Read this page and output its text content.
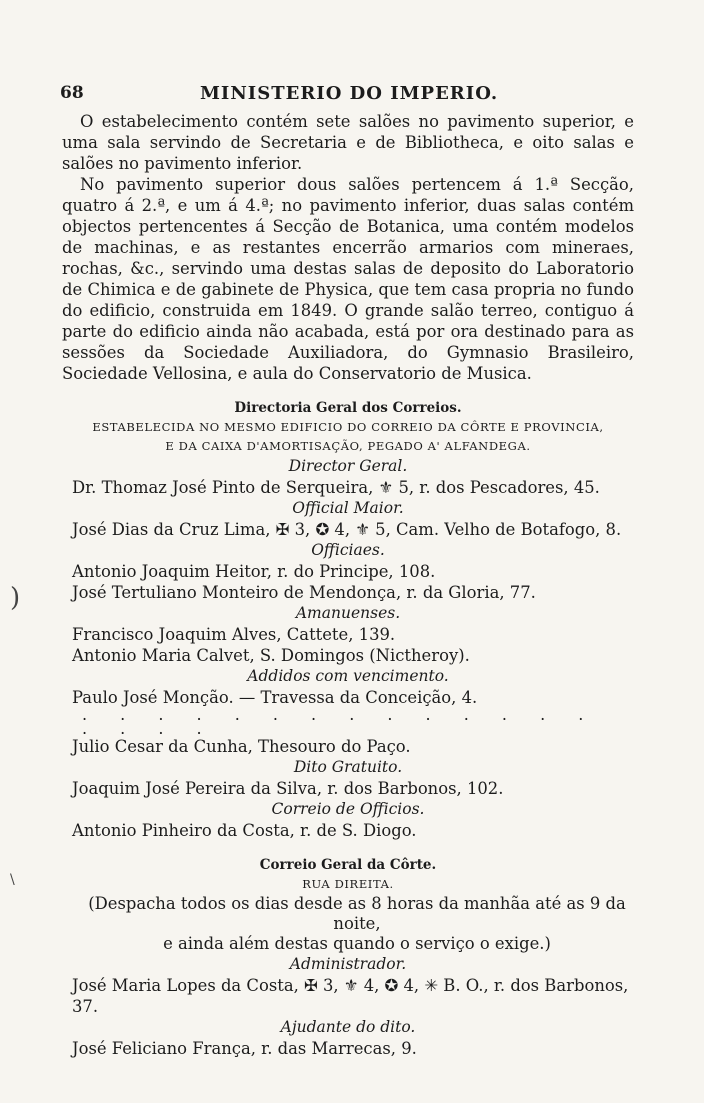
68	MINISTERIO DO IMPERIO.

O estabelecimento contém sete salões no pavimento superior, e uma sala servindo de Secretaria e de Bibliotheca, e oito salas e salões no pavimento inferior.

No pavimento superior dous salões pertencem á 1.ª Secção, quatro á 2.ª, e um á 4.ª; no pavimento inferior, duas salas contém objectos pertencentes á Secção de Botanica, uma contém modelos de machinas, e as restantes encerrão armarios com mineraes, rochas, &c., servindo uma destas salas de deposito do Laboratorio de Chimica e de gabinete de Physica, que tem casa propria no fundo do edificio, construida em 1849. O grande salão terreo, contiguo á parte do edificio ainda não acabada, está por ora destinado para as sessões da Sociedade Auxiliadora, do Gymnasio Brasileiro, Sociedade Vellosina, e aula do Conservatorio de Musica.

Directoria Geral dos Correios.
ESTABELECIDA NO MESMO EDIFICIO DO CORREIO DA CÔRTE E PROVINCIA,
E DA CAIXA D'AMORTISAÇÃO, PEGADO A' ALFANDEGA.
Director Geral.
Dr. Thomaz José Pinto de Serqueira, ⚜ 5, r. dos Pescadores, 45.
Official Maior.
José Dias da Cruz Lima, ✠ 3, ✪ 4, ⚜ 5, Cam. Velho de Botafogo, 8.
Officiaes.
Antonio Joaquim Heitor, r. do Principe, 108.
José Tertuliano Monteiro de Mendonça, r. da Gloria, 77.
Amanuenses.
Francisco Joaquim Alves, Cattete, 139.
Antonio Maria Calvet, S. Domingos (Nictheroy).
Addidos com vencimento.
Paulo José Monção. — Travessa da Conceição, 4.
. . . . . . . . . . . . . . . . . .
Julio Cesar da Cunha, Thesouro do Paço.
Dito Gratuito.
Joaquim José Pereira da Silva, r. dos Barbonos, 102.
Correio de Officios.
Antonio Pinheiro da Costa, r. de S. Diogo.
Correio Geral da Côrte.
RUA DIREITA.
(Despacha todos os dias desde as 8 horas da manhãa até as 9 da noite,
e ainda além destas quando o serviço o exige.)
Administrador.
José Maria Lopes da Costa, ✠ 3, ⚜ 4, ✪ 4, ✳ B. O., r. dos Barbonos, 37.
Ajudante do dito.
José Feliciano França, r. das Marrecas, 9.
)
\
